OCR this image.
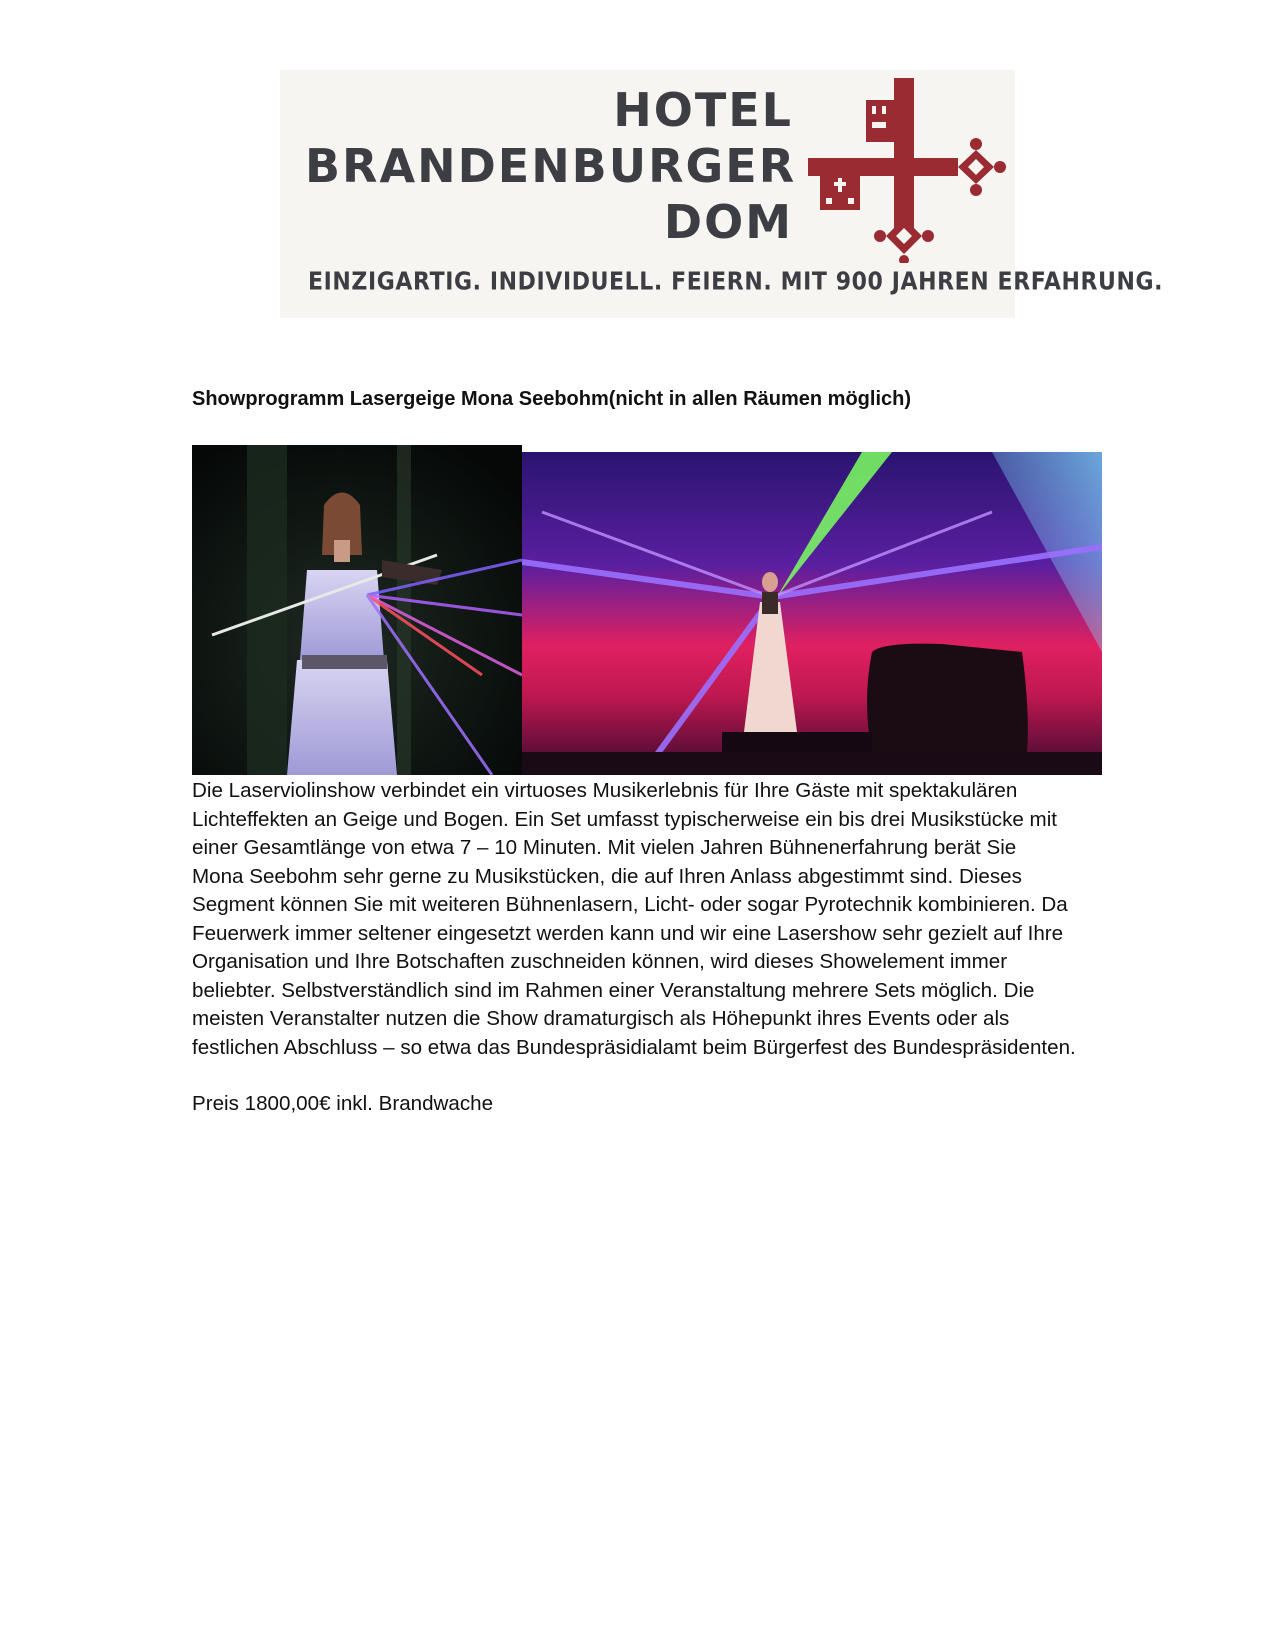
HOTEL
BRANDENBURGER
DOM
EINZIGARTIG. INDIVIDUELL. FEIERN. MIT 900 JAHREN ERFAHRUNG.
Showprogramm Lasergeige Mona Seebohm(nicht in allen Räumen möglich)
Die Laserviolinshow verbindet ein virtuoses Musikerlebnis für Ihre Gäste mit spektakulären
Lichteffekten an Geige und Bogen. Ein Set umfasst typischerweise ein bis drei Musikstücke mit
einer Gesamtlänge von etwa 7 – 10 Minuten. Mit vielen Jahren Bühnenerfahrung berät Sie
Mona Seebohm sehr gerne zu Musikstücken, die auf Ihren Anlass abgestimmt sind. Dieses
Segment können Sie mit weiteren Bühnenlasern, Licht- oder sogar Pyrotechnik kombinieren. Da
Feuerwerk immer seltener eingesetzt werden kann und wir eine Lasershow sehr gezielt auf Ihre
Organisation und Ihre Botschaften zuschneiden können, wird dieses Showelement immer
beliebter. Selbstverständlich sind im Rahmen einer Veranstaltung mehrere Sets möglich. Die
meisten Veranstalter nutzen die Show dramaturgisch als Höhepunkt ihres Events oder als
festlichen Abschluss – so etwa das Bundespräsidialamt beim Bürgerfest des Bundespräsidenten.
Preis 1800,00€ inkl. Brandwache
